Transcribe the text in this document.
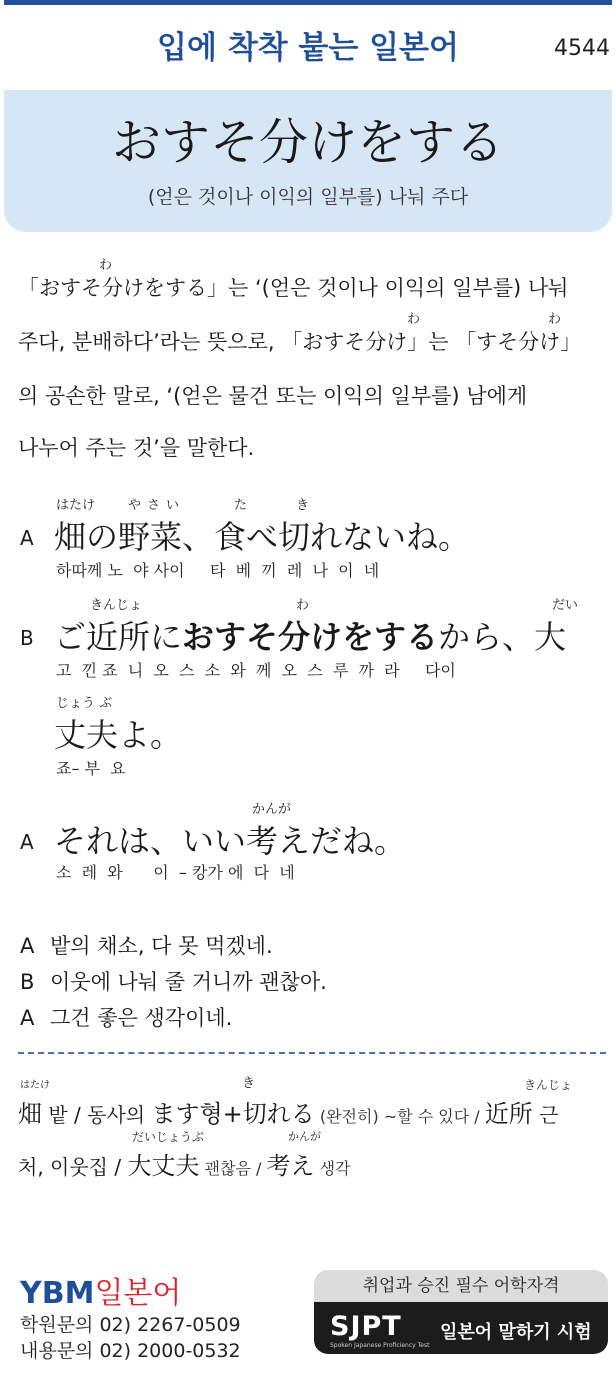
입에 착착 붙는 일본어	4544
おすそ分けをする
(얻은 것이나 이익의 일부를) 나눠 주다
わ
「おすそ分けをする」는 ‘(얻은 것이나 이익의 일부를) 나눠
わ	わ
주다, 분배하다’라는 뜻으로, 「おすそ分け」는 「すそ分け」
의 공손한 말로, ‘(얻은 물건 또는 이익의 일부를) 남에게
나누어 주는 것’을 말한다.
はたけ	やさい	た	き
A 畑の野菜、食べ切れないね。
하따께 노  야 사이     타  베  끼  레  나  이  네
きんじょ	わ	だい
B ご近所におすそ分けをするから、大
고  낀 죠  니  오  스  소  와  께  오  스  루  까  라     다이
じょう ぶ
丈夫よ。
죠– 부  요
かんが
A それは、いい考えだね。
소  레  와      이  – 캉가 에  다  네
A 밭의 채소, 다 못 먹겠네.
B 이웃에 나눠 줄 거니까 괜찮아.
A 그건 좋은 생각이네.
はたけ	き	きんじょ
畑 밭 / 동사의 ます형+切れる (완전히) ~할 수 있다 / 近所 근
だいじょうぶ	かんが
처, 이웃집 / 大丈夫 괜찮음 / 考え 생각
YBM일본어
학원문의 02) 2267-0509
내용문의 02) 2000-0532
취업과 승진 필수 어학자격
SJPT
Spoken Japanese Proficiency Test
일본어 말하기 시험
